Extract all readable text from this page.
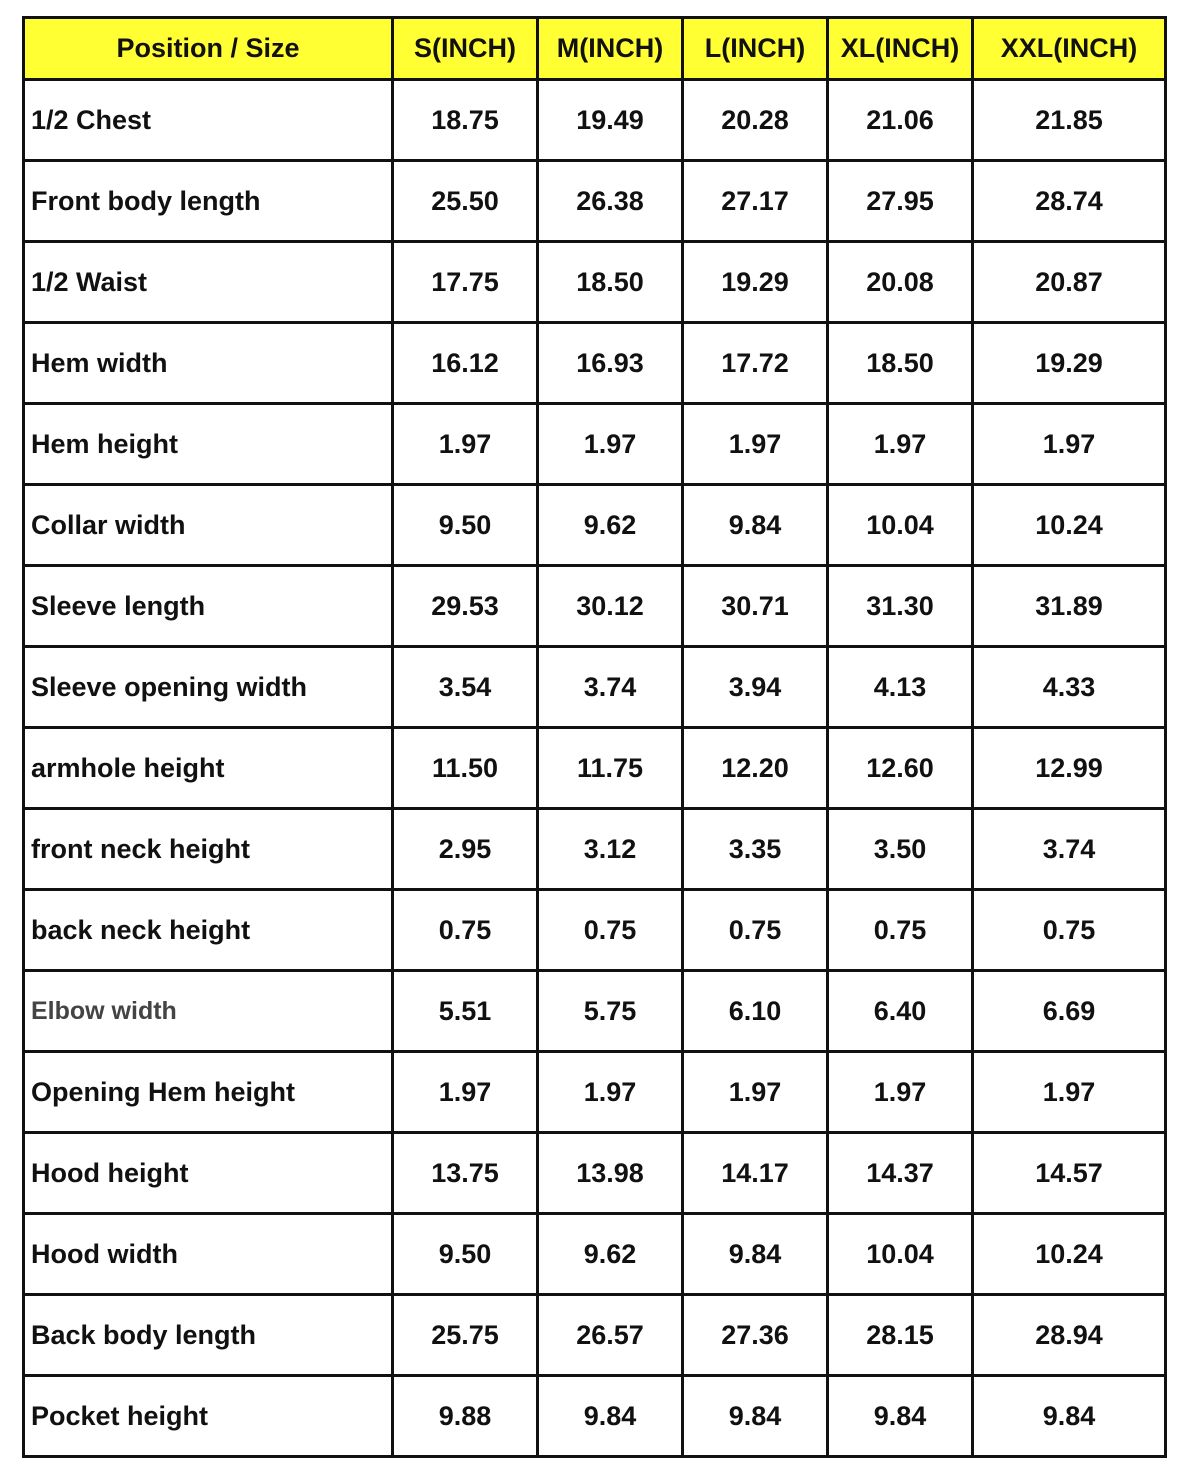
Position / Size	S(INCH)	M(INCH)	L(INCH)	XL(INCH)	XXL(INCH)
1/2 Chest	18.75	19.49	20.28	21.06	21.85
Front body length	25.50	26.38	27.17	27.95	28.74
1/2 Waist	17.75	18.50	19.29	20.08	20.87
Hem width	16.12	16.93	17.72	18.50	19.29
Hem height	1.97	1.97	1.97	1.97	1.97
Collar width	9.50	9.62	9.84	10.04	10.24
Sleeve length	29.53	30.12	30.71	31.30	31.89
Sleeve opening width	3.54	3.74	3.94	4.13	4.33
armhole height	11.50	11.75	12.20	12.60	12.99
front neck height	2.95	3.12	3.35	3.50	3.74
back neck height	0.75	0.75	0.75	0.75	0.75
Elbow width	5.51	5.75	6.10	6.40	6.69
Opening Hem height	1.97	1.97	1.97	1.97	1.97
Hood height	13.75	13.98	14.17	14.37	14.57
Hood width	9.50	9.62	9.84	10.04	10.24
Back body length	25.75	26.57	27.36	28.15	28.94
Pocket height	9.88	9.84	9.84	9.84	9.84
